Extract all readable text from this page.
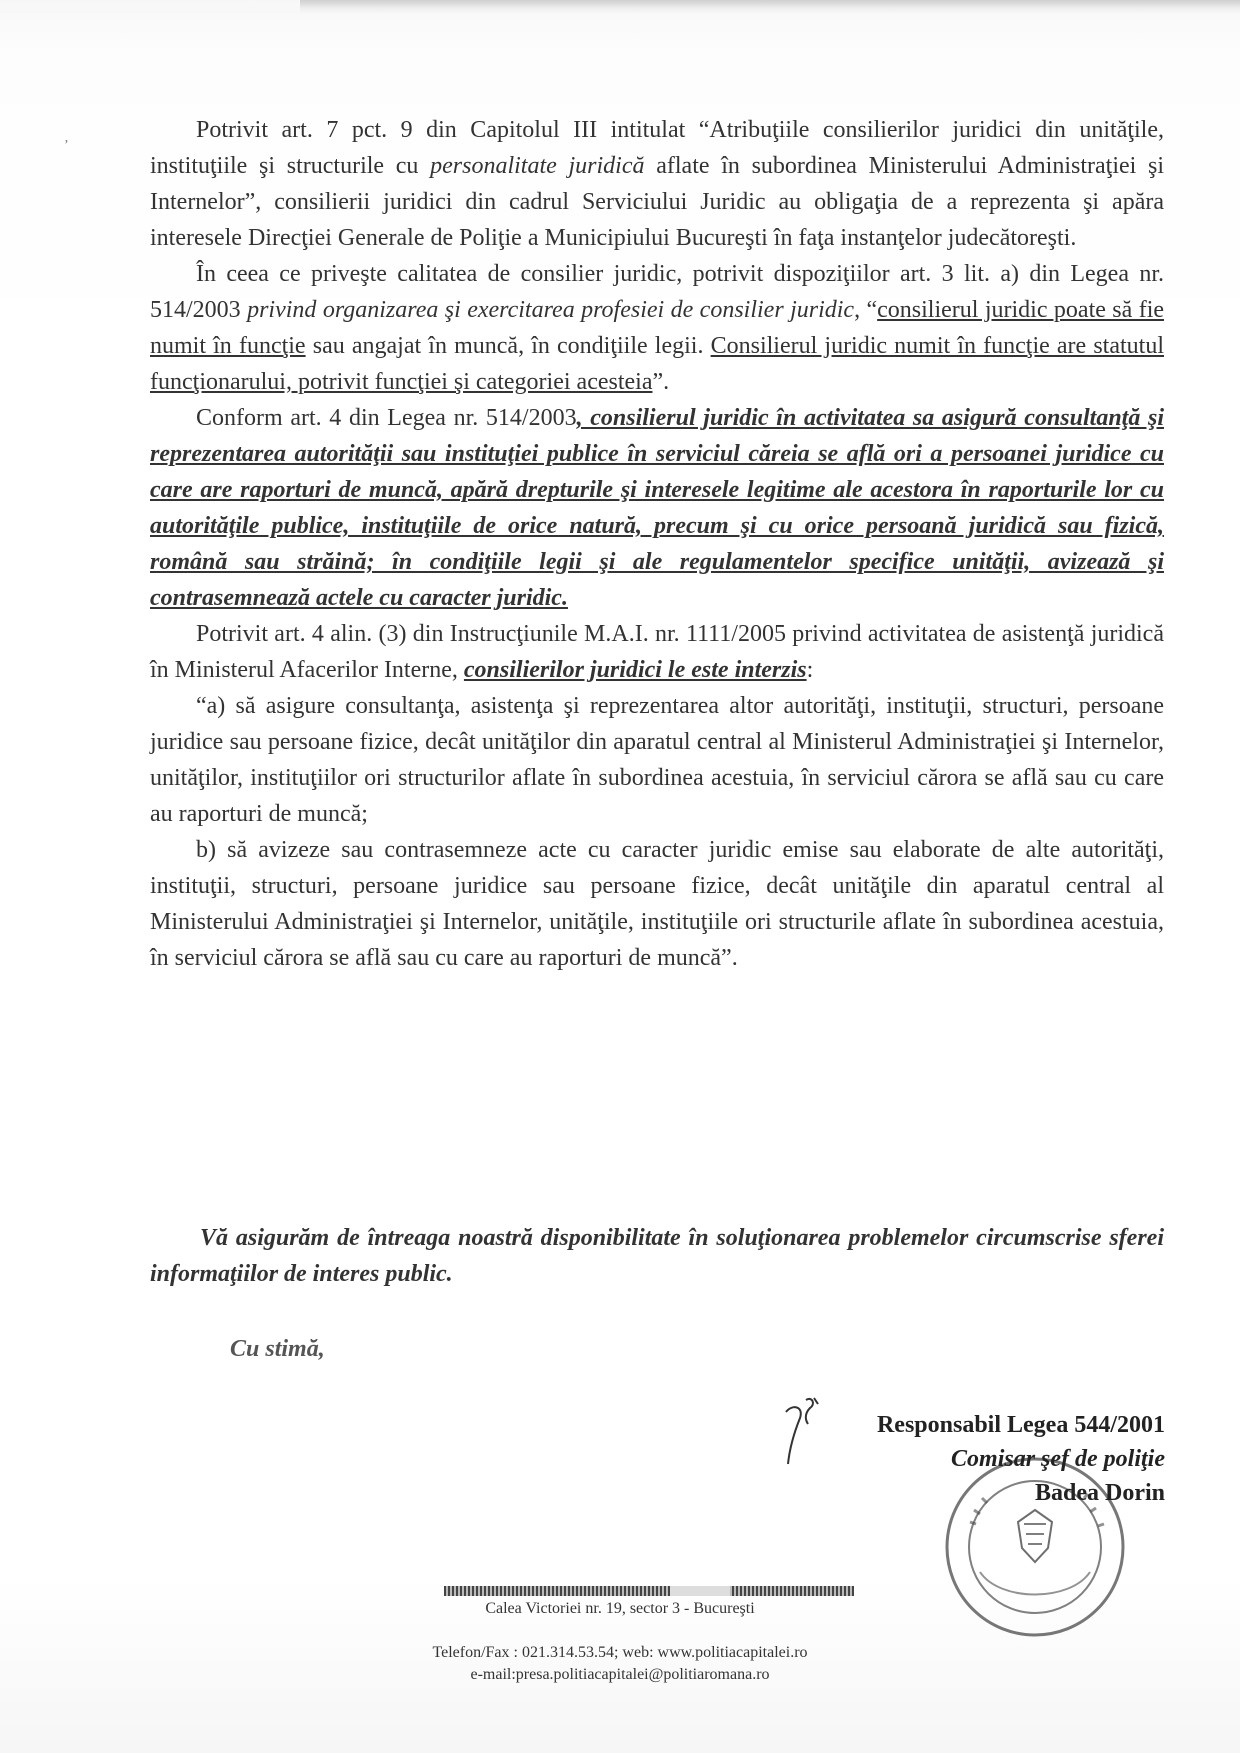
’

Potrivit art. 7 pct. 9 din Capitolul III intitulat “Atribuţiile consilierilor juridici din unităţile, instituţiile şi structurile cu personalitate juridică aflate în subordinea Ministerului Administraţiei şi Internelor”, consilierii juridici din cadrul Serviciului Juridic au obligaţia de a reprezenta şi apăra interesele Direcţiei Generale de Poliţie a Municipiului Bucureşti în faţa instanţelor judecătoreşti.

În ceea ce priveşte calitatea de consilier juridic, potrivit dispoziţiilor art. 3 lit. a) din Legea nr. 514/2003 privind organizarea şi exercitarea profesiei de consilier juridic, “consilierul juridic poate să fie numit în funcţie sau angajat în muncă, în condiţiile legii. Consilierul juridic numit în funcţie are statutul funcţionarului, potrivit funcţiei şi categoriei acesteia”.

Conform art. 4 din Legea nr. 514/2003, consilierul juridic în activitatea sa asigură consultanţă şi reprezentarea autorităţii sau instituţiei publice în serviciul căreia se află ori a persoanei juridice cu care are raporturi de muncă, apără drepturile şi interesele legitime ale acestora în raporturile lor cu autorităţile publice, instituţiile de orice natură, precum şi cu orice persoană juridică sau fizică, română sau străină; în condiţiile legii şi ale regulamentelor specifice unităţii, avizează şi contrasemnează actele cu caracter juridic.

Potrivit art. 4 alin. (3) din Instrucţiunile M.A.I. nr. 1111/2005 privind activitatea de asistenţă juridică în Ministerul Afacerilor Interne, consilierilor juridici le este interzis:

“a) să asigure consultanţa, asistenţa şi reprezentarea altor autorităţi, instituţii, structuri, persoane juridice sau persoane fizice, decât unităţilor din aparatul central al Ministerul Administraţiei şi Internelor, unităţilor, instituţiilor ori structurilor aflate în subordinea acestuia, în serviciul cărora se află sau cu care au raporturi de muncă;

b) să avizeze sau contrasemneze acte cu caracter juridic emise sau elaborate de alte autorităţi, instituţii, structuri, persoane juridice sau persoane fizice, decât unităţile din aparatul central al Ministerului Administraţiei şi Internelor, unităţile, instituţiile ori structurile aflate în subordinea acestuia, în serviciul cărora se află sau cu care au raporturi de muncă”.

Vă asigurăm de întreaga noastră disponibilitate în soluţionarea problemelor circumscrise sferei informaţiilor de interes public.
Cu stimă,
Responsabil Legea 544/2001
Comisar şef de poliţie
Badea Dorin
Calea Victoriei nr. 19, sector 3 - Bucureşti
Telefon/Fax : 021.314.53.54; web: www.politiacapitalei.ro
e-mail:presa.politiacapitalei@politiaromana.ro
